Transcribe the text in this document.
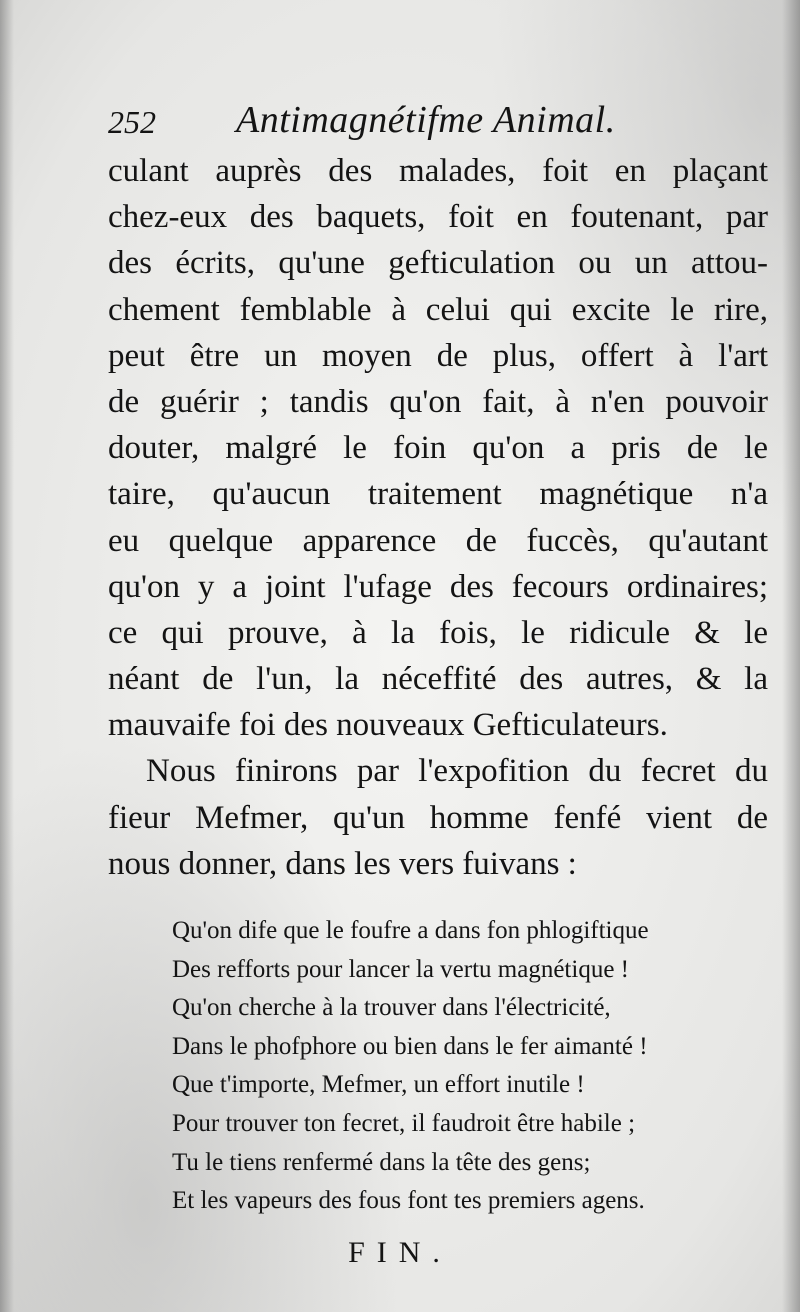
252 Antimagnétifme Animal.
culant auprès des malades, foit en plaçant
chez-eux des baquets, foit en foutenant, par
des écrits, qu'une gefticulation ou un attou-
chement femblable à celui qui excite le rire,
peut être un moyen de plus, offert à l'art
de guérir ; tandis qu'on fait, à n'en pouvoir
douter, malgré le foin qu'on a pris de le
taire, qu'aucun traitement magnétique n'a
eu quelque apparence de fuccès, qu'autant
qu'on y a joint l'ufage des fecours ordinaires;
ce qui prouve, à la fois, le ridicule & le
néant de l'un, la néceffité des autres, & la
mauvaife foi des nouveaux Gefticulateurs.
Nous finirons par l'expofition du fecret du
fieur Mefmer, qu'un homme fenfé vient de
nous donner, dans les vers fuivans :
Qu'on dife que le foufre a dans fon phlogiftique
Des refforts pour lancer la vertu magnétique !
Qu'on cherche à la trouver dans l'électricité,
Dans le phofphore ou bien dans le fer aimanté !
Que t'importe, Mefmer, un effort inutile !
Pour trouver ton fecret, il faudroit être habile ;
Tu le tiens renfermé dans la tête des gens;
Et les vapeurs des fous font tes premiers agens.
FIN.
